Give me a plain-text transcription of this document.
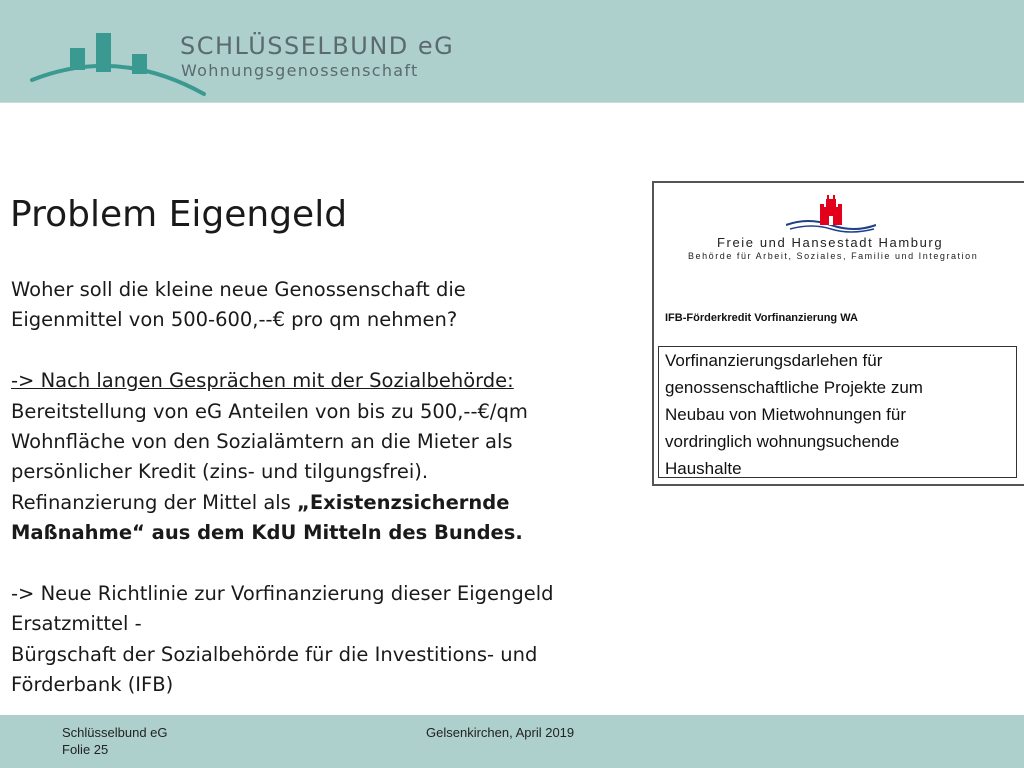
SCHLÜSSELBUND eG
Wohnungsgenossenschaft
Problem Eigengeld

Woher soll die kleine neue Genossenschaft die

Eigenmittel von 500-600,--€ pro qm nehmen?

-> Nach langen Gesprächen mit der Sozialbehörde:

Bereitstellung von eG Anteilen von bis zu 500,--€/qm

Wohnfläche von den Sozialämtern an die Mieter als

persönlicher Kredit (zins- und tilgungsfrei).

Refinanzierung der Mittel als „Existenzsichernde

Maßnahme“ aus dem KdU Mitteln des Bundes.

-> Neue Richtlinie zur Vorfinanzierung dieser Eigengeld

Ersatzmittel -

Bürgschaft der Sozialbehörde für die Investitions- und

Förderbank (IFB)

Freie und Hansestadt Hamburg
Behörde für Arbeit, Soziales, Familie und Integration
IFB-Förderkredit Vorfinanzierung WA
Vorfinanzierungsdarlehen für
genossenschaftliche Projekte zum
Neubau von Mietwohnungen für
vordringlich wohnungsuchende
Haushalte
Schlüsselbund eG
Folie 25
Gelsenkirchen, April 2019
